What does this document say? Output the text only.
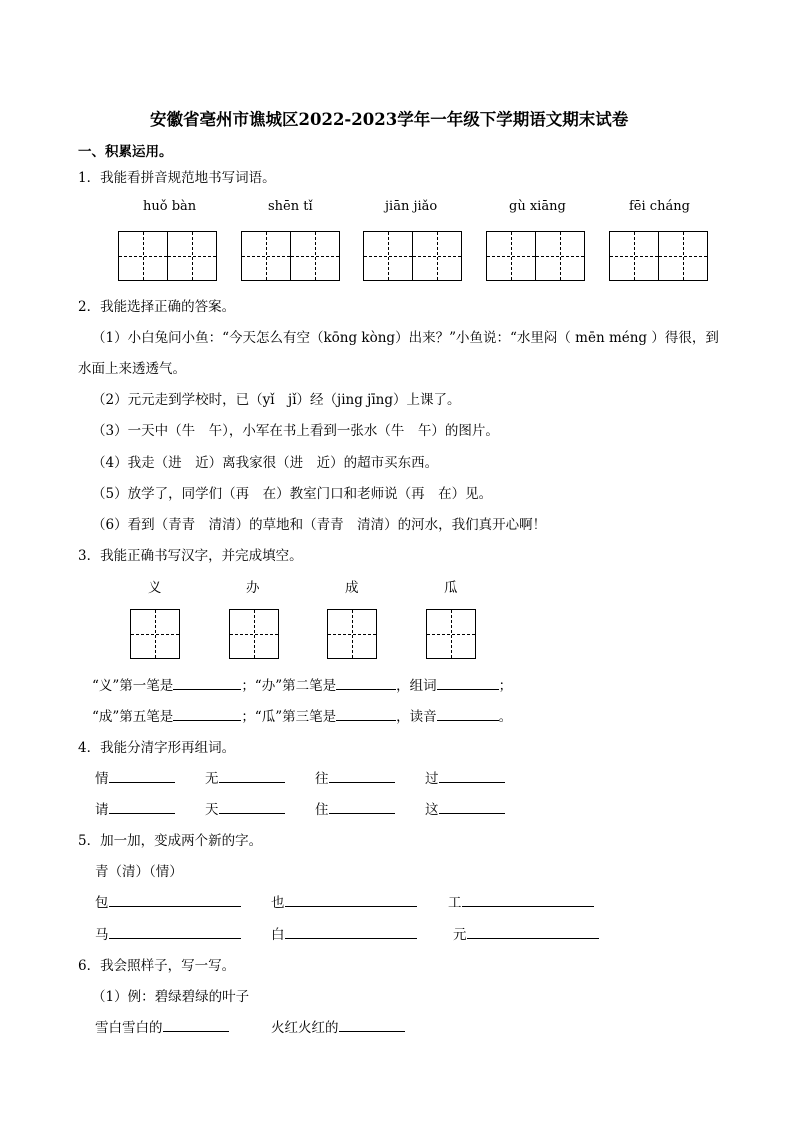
安徽省亳州市谯城区2022-2023学年一年级下学期语文期末试卷
一、积累运用。
1．我能看拼音规范地书写词语。
huǒ bàn	shēn tǐ	jiān jiǎo	gù xiāng	fēi cháng
2．我能选择正确的答案。
（1）小白兔问小鱼：“今天怎么有空（kōng kòng）出来？”小鱼说：“水里闷（ mēn méng ）得很，到
水面上来透透气。
（2）元元走到学校时，已（yǐ　jǐ）经（jing jīng）上课了。
（3）一天中（牛　午），小军在书上看到一张水（牛　午）的图片。
（4）我走（进　近）离我家很（进　近）的超市买东西。
（5）放学了，同学们（再　在）教室门口和老师说（再　在）见。
（6）看到（青青　清清）的草地和（青青　清清）的河水，我们真开心啊！
3．我能正确书写汉字，并完成填空。
义	办	成	瓜
“义”第一笔是	；“办”第二笔是	，组词	；
“成”第五笔是	；“瓜”第三笔是	，读音	。
4．我能分清字形再组词。
情	无	往	过
请	天	住	这
5．加一加，变成两个新的字。
青（清）（情）
包	也	工
马	白	元
6．我会照样子，写一写。
（1）例：碧绿碧绿的叶子
雪白雪白的	火红火红的
